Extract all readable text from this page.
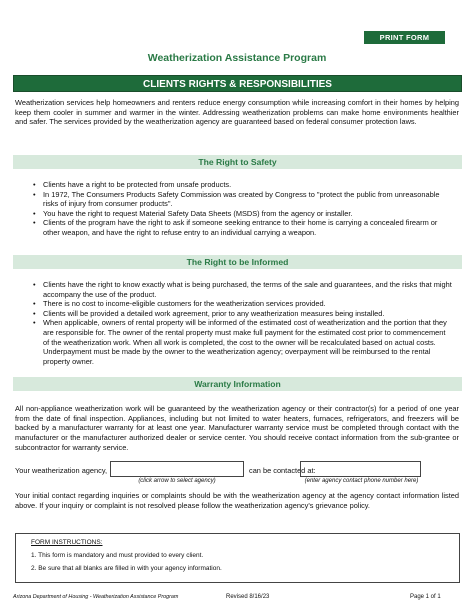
PRINT FORM
Weatherization Assistance Program
CLIENTS RIGHTS & RESPONSIBILITIES
Weatherization services help homeowners and renters reduce energy consumption while increasing comfort in their homes by helping keep them cooler in summer and warmer in the winter. Addressing weatherization problems can make home environments healthier and safer. The services provided by the weatherization agency are guaranteed based on federal consumer protection laws.
The Right to Safety
• Clients have a right to be protected from unsafe products.
• In 1972, The Consumers Products Safety Commission was created by Congress to "protect the public from unreasonable risks of injury from consumer products".
• You have the right to request Material Safety Data Sheets (MSDS) from the agency or installer.
• Clients of the program have the right to ask if someone seeking entrance to their home is carrying a concealed firearm or other weapon, and have the right to refuse entry to an individual carrying a weapon.
The Right to be Informed
• Clients have the right to know exactly what is being purchased, the terms of the sale and guarantees, and the risks that might accompany the use of the product.
• There is no cost to income-eligible customers for the weatherization services provided.
• Clients will be provided a detailed work agreement, prior to any weatherization measures being installed.
• When applicable, owners of rental property will be informed of the estimated cost of weatherization and the portion that they are responsible for. The owner of the rental property must make full payment for the estimated cost prior to commencement of the weatherization work. When all work is completed, the cost to the owner will be recalculated based on actual costs. Underpayment must be made by the owner to the weatherization agency; overpayment will be reimbursed to the rental property owner.
Warranty Information
All non-appliance weatherization work will be guaranteed by the weatherization agency or their contractor(s) for a period of one year from the date of final inspection. Appliances, including but not limited to water heaters, furnaces, refrigerators, and freezers will be backed by a manufacturer warranty for at least one year. Manufacturer warranty service must be completed through contact with the manufacturer or the manufacturer authorized dealer or service center. You should receive contact information from the sub-grantee or subcontractor for warranty service.
Your weatherization agency,
(click arrow to select agency)
can be contacted at:
(enter agency contact phone number here)
Your initial contact regarding inquiries or complaints should be with the weatherization agency at the agency contact information listed above. If your inquiry or complaint is not resolved please follow the weatherization agency's grievance policy.
FORM INSTRUCTIONS:
1. This form is mandatory and must provided to every client.
2. Be sure that all blanks are filled in with your agency information.
Arizona Department of Housing - Weatherization Assistance Program	Revised 8/16/23	Page 1 of 1
